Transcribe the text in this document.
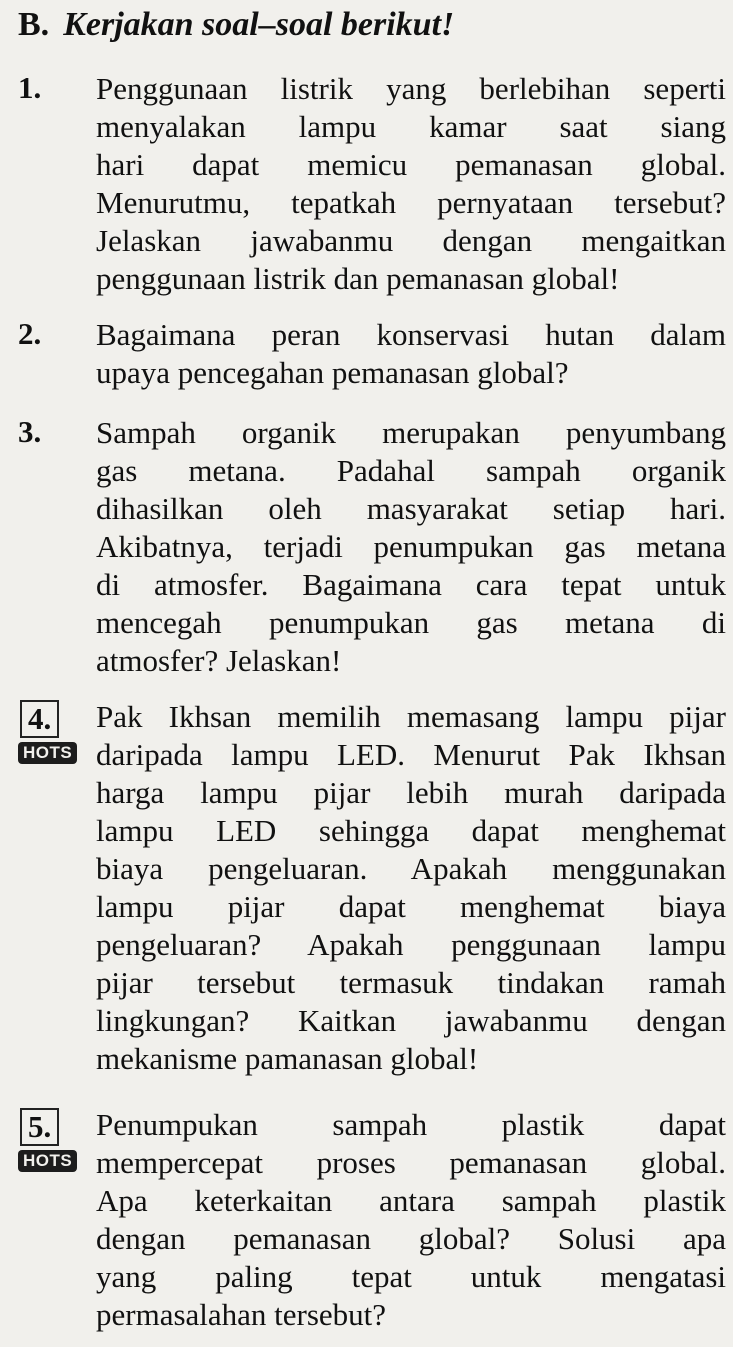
B. Kerjakan soal–soal berikut!
1. Penggunaan listrik yang berlebihan seperti
menyalakan lampu kamar saat siang
hari dapat memicu pemanasan global.
Menurutmu, tepatkah pernyataan tersebut?
Jelaskan jawabanmu dengan mengaitkan
penggunaan listrik dan pemanasan global!
2. Bagaimana peran konservasi hutan dalam
upaya pencegahan pemanasan global?
3. Sampah organik merupakan penyumbang
gas metana. Padahal sampah organik
dihasilkan oleh masyarakat setiap hari.
Akibatnya, terjadi penumpukan gas metana
di atmosfer. Bagaimana cara tepat untuk
mencegah penumpukan gas metana di
atmosfer? Jelaskan!
4.
HOTS
Pak Ikhsan memilih memasang lampu pijar
daripada lampu LED. Menurut Pak Ikhsan
harga lampu pijar lebih murah daripada
lampu LED sehingga dapat menghemat
biaya pengeluaran. Apakah menggunakan
lampu pijar dapat menghemat biaya
pengeluaran? Apakah penggunaan lampu
pijar tersebut termasuk tindakan ramah
lingkungan? Kaitkan jawabanmu dengan
mekanisme pamanasan global!
5.
HOTS
Penumpukan sampah plastik dapat
mempercepat proses pemanasan global.
Apa keterkaitan antara sampah plastik
dengan pemanasan global? Solusi apa
yang paling tepat untuk mengatasi
permasalahan tersebut?
